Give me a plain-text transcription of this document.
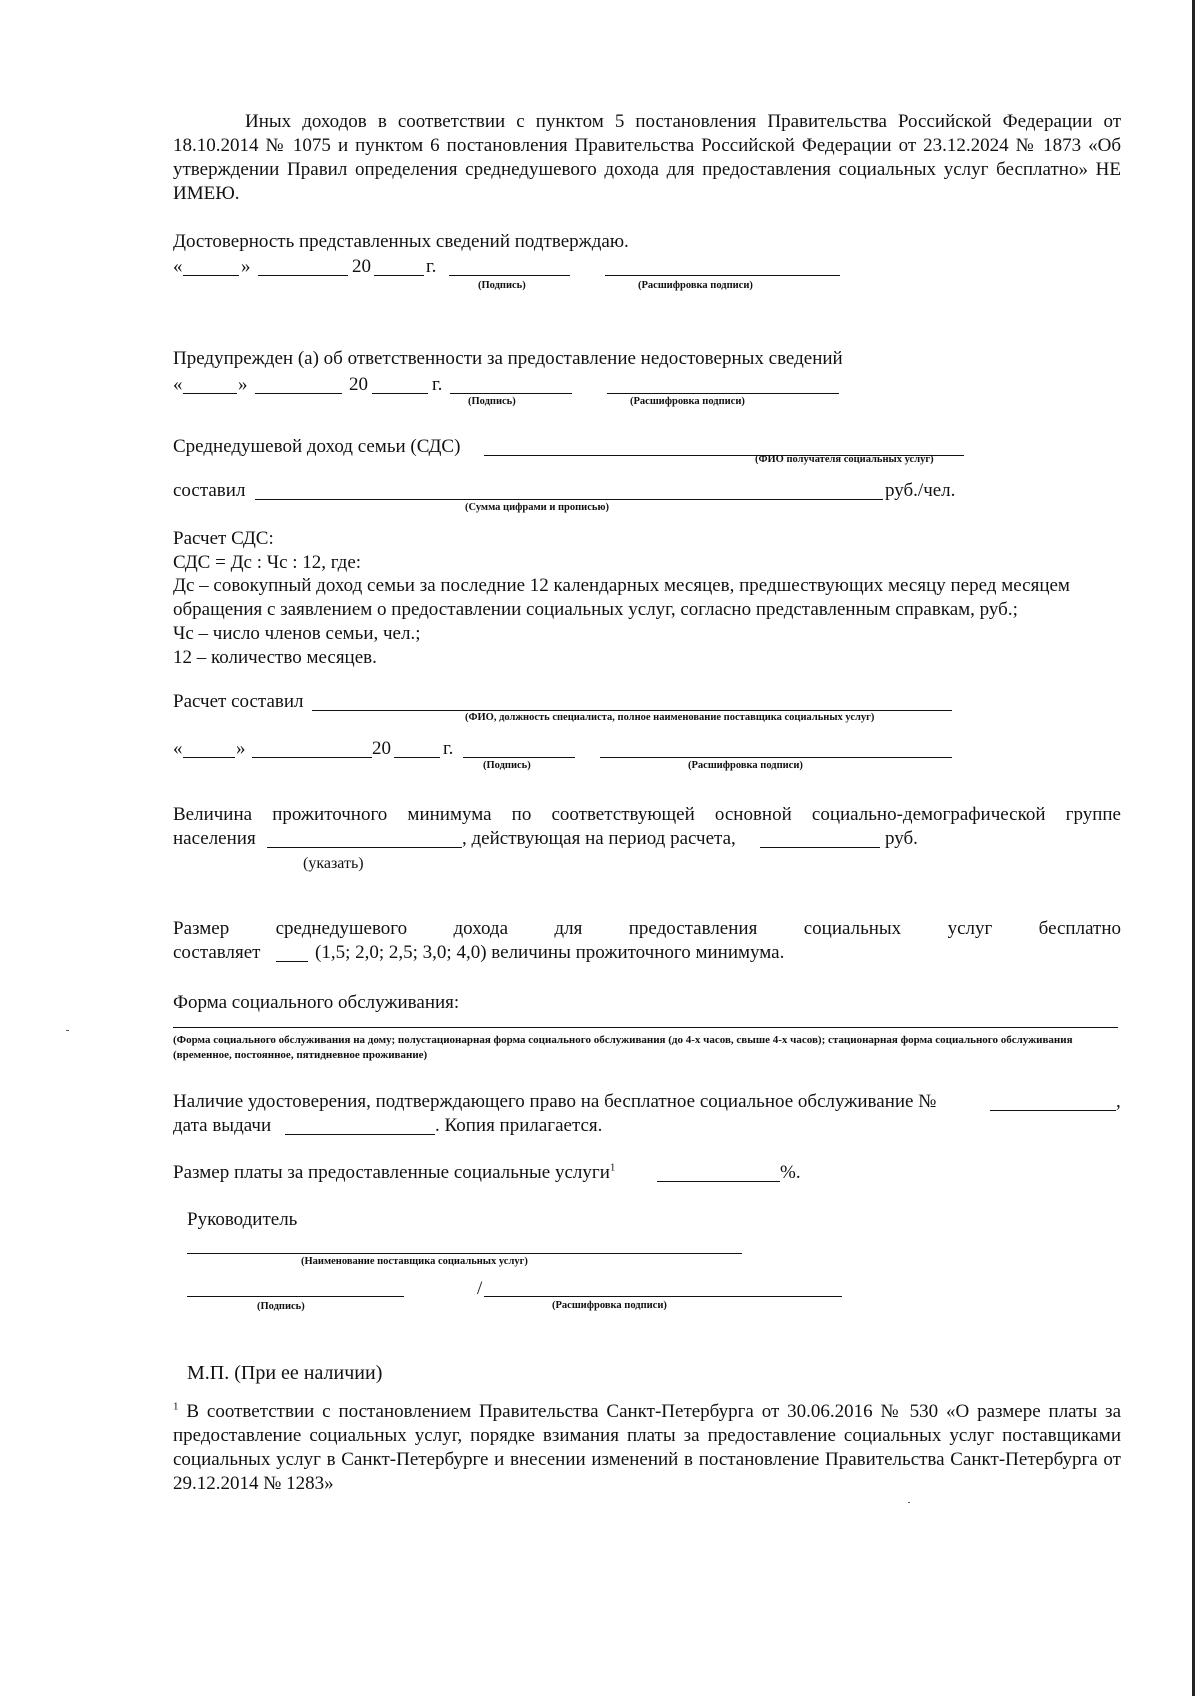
Иных доходов в соответствии с пунктом 5 постановления Правительства Российской Федерации от 18.10.2014 № 1075 и пунктом 6 постановления Правительства Российской Федерации от 23.12.2024 № 1873 «Об утверждении Правил определения среднедушевого дохода для предоставления социальных услуг бесплатно» НЕ ИМЕЮ.
Достоверность представленных сведений подтверждаю.
«	»	20	г.
(Подпись)	(Расшифровка подписи)
Предупрежден (а) об ответственности за предоставление недостоверных сведений
«	»	20	г.
(Подпись)	(Расшифровка подписи)
Среднедушевой доход семьи (СДС)
(ФИО получателя социальных услуг)
составил	руб./чел.
(Сумма цифрами и прописью)
Расчет СДС:
СДС = Дс : Чс : 12, где:
Дс – совокупный доход семьи за последние 12 календарных месяцев, предшествующих месяцу перед месяцем обращения с заявлением о предоставлении социальных услуг, согласно представленным справкам, руб.;
Чс – число членов семьи, чел.;
12 – количество месяцев.
Расчет составил
(ФИО, должность специалиста, полное наименование поставщика социальных услуг)
«	»	20	г.
(Подпись)	(Расшифровка подписи)
Величина прожиточного минимума по соответствующей основной социально-демографической группе
населения	, действующая на период расчета,	руб.
(указать)
Размер среднедушевого дохода для предоставления социальных услуг бесплатно
составляет	(1,5; 2,0; 2,5; 3,0; 4,0) величины прожиточного минимума.
Форма социального обслуживания:
(Форма социального обслуживания на дому; полустационарная форма социального обслуживания (до 4-х часов, свыше 4-х часов); стационарная форма социального обслуживания (временное, постоянное, пятидневное проживание)
Наличие удостоверения, подтверждающего право на бесплатное социальное обслуживание №	,
дата выдачи	. Копия прилагается.
Размер платы за предоставленные социальные услуги$^1$	%.
Руководитель
(Наименование поставщика социальных услуг)
/
(Подпись)	(Расшифровка подписи)
М.П. (При ее наличии)
$^1$ В соответствии с постановлением Правительства Санкт-Петербурга от 30.06.2016 № 530 «О размере платы за предоставление социальных услуг, порядке взимания платы за предоставление социальных услуг поставщиками социальных услуг в Санкт-Петербурге и внесении изменений в постановление Правительства Санкт-Петербурга от 29.12.2014 № 1283»
